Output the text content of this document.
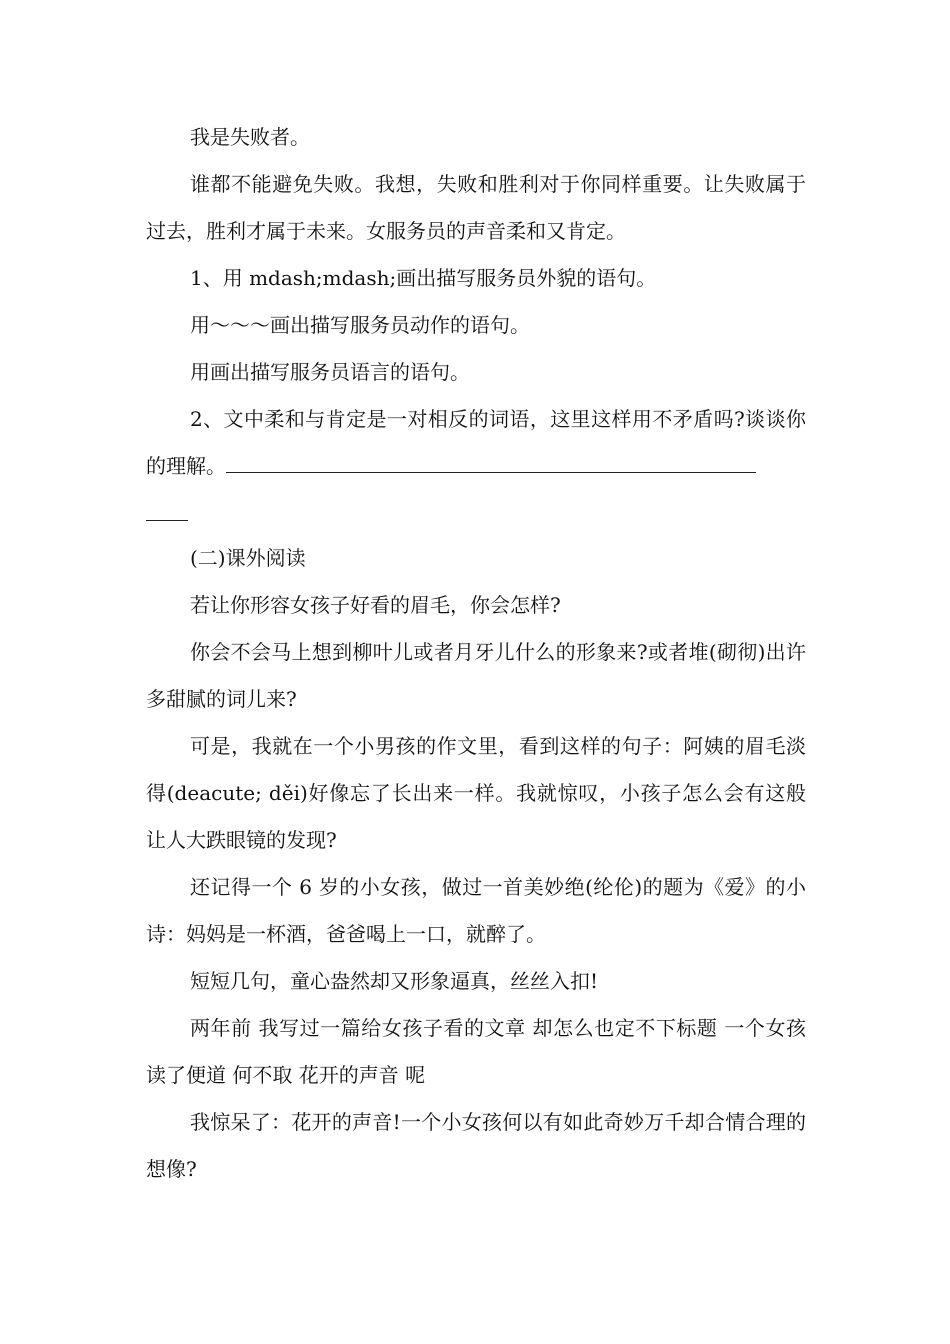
我是失败者。

谁都不能避免失败。我想，失败和胜利对于你同样重要。让失败属于过去，胜利才属于未来。女服务员的声音柔和又肯定。

1、用 mdash;mdash;画出描写服务员外貌的语句。

用～～～画出描写服务员动作的语句。

用画出描写服务员语言的语句。

2、文中柔和与肯定是一对相反的词语，这里这样用不矛盾吗?谈谈你的理解。

(二)课外阅读

若让你形容女孩子好看的眉毛，你会怎样?

你会不会马上想到柳叶儿或者月牙儿什么的形象来?或者堆(砌彻)出许多甜腻的词儿来?

可是，我就在一个小男孩的作文里，看到这样的句子：阿姨的眉毛淡得(deacute; děi)好像忘了长出来一样。我就惊叹，小孩子怎么会有这般让人大跌眼镜的发现?

还记得一个 6 岁的小女孩，做过一首美妙绝(纶伦)的题为《爱》的小诗：妈妈是一杯酒，爸爸喝上一口，就醉了。

短短几句，童心盎然却又形象逼真，丝丝入扣!

两年前 我写过一篇给女孩子看的文章 却怎么也定不下标题 一个女孩读了便道 何不取 花开的声音 呢

我惊呆了：花开的声音!一个小女孩何以有如此奇妙万千却合情合理的想像?
